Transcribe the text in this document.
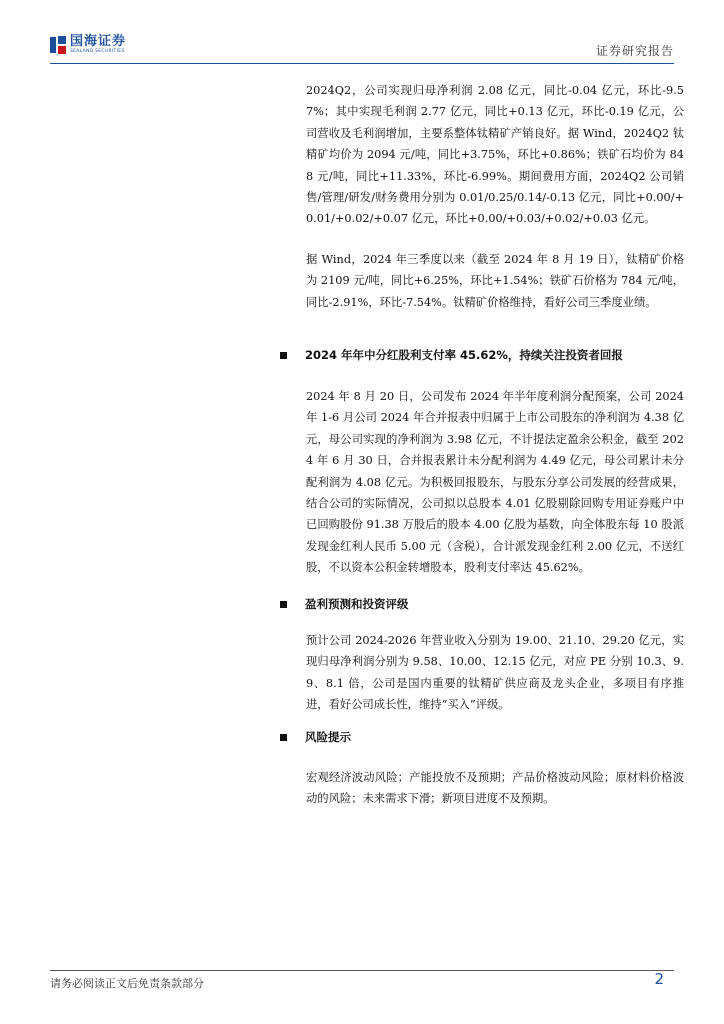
国海证券
SEALAND SECURITIES	证券研究报告
2024Q2，公司实现归母净利润 2.08 亿元，同比-0.04 亿元，环比-9.57%；其中实现毛利润 2.77 亿元，同比+0.13 亿元，环比-0.19 亿元，公司营收及毛利润增加，主要系整体钛精矿产销良好。据 Wind，2024Q2 钛精矿均价为 2094 元/吨，同比+3.75%，环比+0.86%；铁矿石均价为 848 元/吨，同比+11.33%，环比-6.99%。期间费用方面，2024Q2 公司销售/管理/研发/财务费用分别为 0.01/0.25/0.14/-0.13 亿元，同比+0.00/+0.01/+0.02/+0.07 亿元，环比+0.00/+0.03/+0.02/+0.03 亿元。
据 Wind，2024 年三季度以来（截至 2024 年 8 月 19 日），钛精矿价格为 2109 元/吨，同比+6.25%，环比+1.54%；铁矿石价格为 784 元/吨，同比-2.91%，环比-7.54%。钛精矿价格维持，看好公司三季度业绩。
2024 年年中分红股利支付率 45.62%，持续关注投资者回报
2024 年 8 月 20 日，公司发布 2024 年半年度利润分配预案，公司 2024 年 1-6 月公司 2024 年合并报表中归属于上市公司股东的净利润为 4.38 亿元，母公司实现的净利润为 3.98 亿元，不计提法定盈余公积金，截至 2024 年 6 月 30 日，合并报表累计未分配利润为 4.49 亿元，母公司累计未分配利润为 4.08 亿元。为积极回报股东，与股东分享公司发展的经营成果，结合公司的实际情况，公司拟以总股本 4.01 亿股剔除回购专用证券账户中已回购股份 91.38 万股后的股本 4.00 亿股为基数，向全体股东每 10 股派发现金红利人民币 5.00 元（含税），合计派发现金红利 2.00 亿元，不送红股，不以资本公积金转增股本，股利支付率达 45.62%。
盈利预测和投资评级
预计公司 2024-2026 年营业收入分别为 19.00、21.10、29.20 亿元，实现归母净利润分别为 9.58、10.00、12.15 亿元，对应 PE 分别 10.3、9.9、8.1 倍，公司是国内重要的钛精矿供应商及龙头企业，多项目有序推进，看好公司成长性，维持“买入”评级。
风险提示
宏观经济波动风险；产能投放不及预期；产品价格波动风险；原材料价格波动的风险；未来需求下滑；新项目进度不及预期。
请务必阅读正文后免责条款部分	2
